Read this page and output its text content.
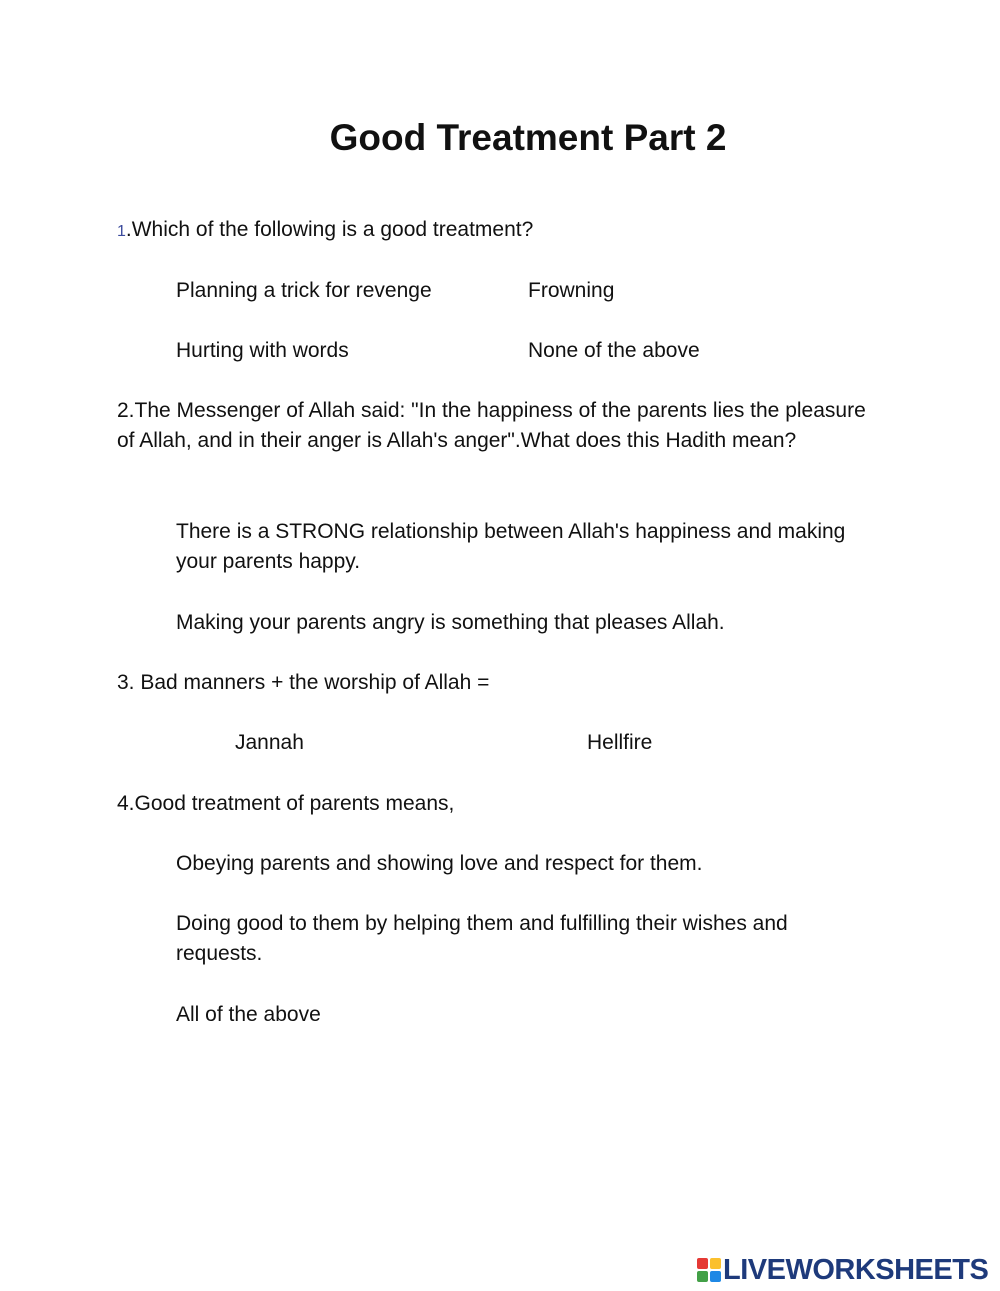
Good Treatment Part 2
1.Which of the following is a good treatment?
Planning a trick for revenge	Frowning
Hurting with words	None of the above
2.The Messenger of Allah said: "In the happiness of the parents lies the pleasure of Allah, and in their anger is Allah's anger".What does this Hadith mean?
There is a STRONG relationship between Allah's happiness and making your parents happy.
Making your parents angry is something that pleases Allah.
3. Bad manners + the worship of Allah =
Jannah	Hellfire
4.Good treatment of parents means,
Obeying parents and showing love and respect for them.
Doing good to them by helping them and fulfilling their wishes and requests.
All of the above
LIVEWORKSHEETS
